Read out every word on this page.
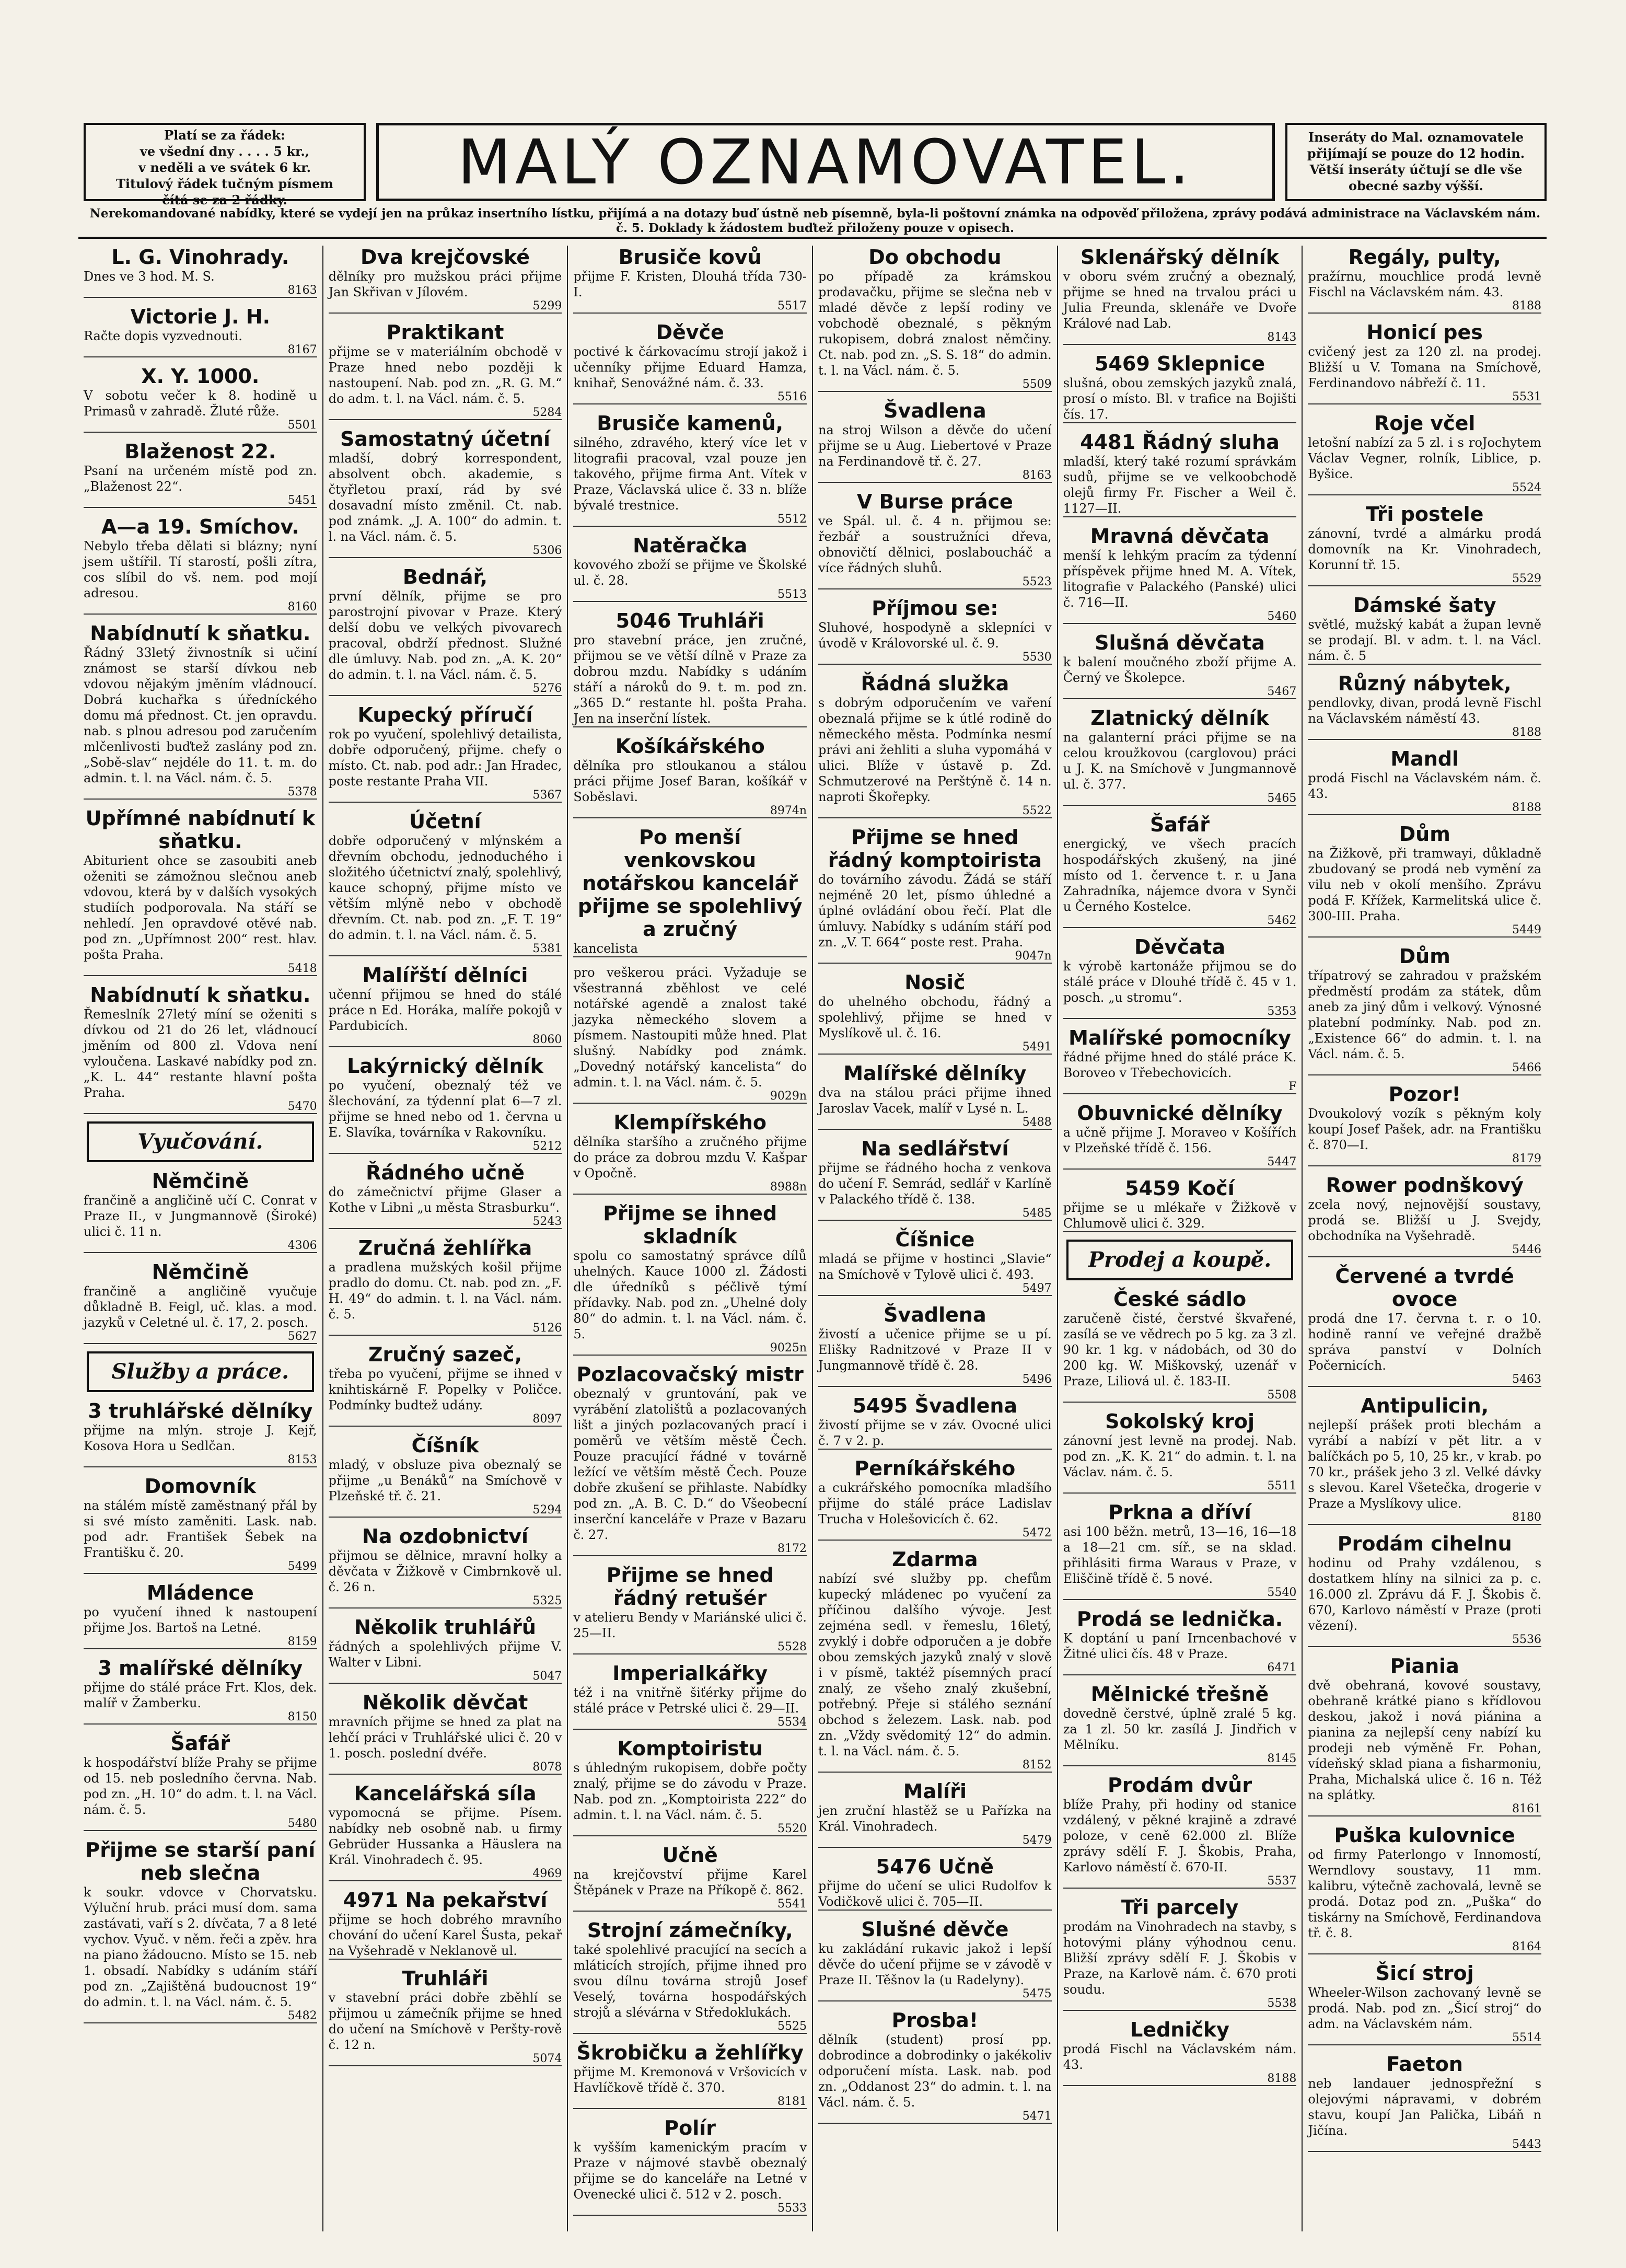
Platí se za řádek:
ve všední dny . . . . 5 kr.,
v neděli a ve svátek 6 kr.
Titulový řádek tučným písmem
čítá se za 2 řádky.
MALÝ OZNAMOVATEL.	Inseráty do Mal. oznamovatele
přijímají se pouze do 12 hodin.
Větší inseráty účtují se dle vše
obecné sazby výšší.
Nerekomandované nabídky, které se vydejí jen na průkaz insertního lístku, přijímá a na dotazy buď ústně neb písemně, byla-li poštovní známka na odpověď přiložena, zprávy podává administrace na Václavském nám. č. 5. Doklady k žádostem buďtež přiloženy pouze v opisech.
L. G. Vinohrady.

Dnes ve 3 hod. M. S.

8163
Victorie J. H.

Račte dopis vyzvednouti.

8167
X. Y. 1000.

V sobotu večer k 8. hodině u Primasů v zahradě. Žluté růže.

5501
Blaženost 22.

Psaní na určeném místě pod zn. „Blaženost 22“.

5451
A—a 19. Smíchov.

Nebylo třeba dělati si blázny; nyní jsem uštířil. Tí starostí, pošli zítra, cos slíbil do vš. nem. pod mojí adresou.

8160
Nabídnutí k sňatku.

Řádný 33letý živnostník si učiní známost se starší dívkou neb vdovou nějakým jměním vládnoucí. Dobrá kuchařka s úředníckého domu má přednost. Ct. jen opravdu. nab. s plnou adresou pod zaručením mlčenlivosti buďtež zaslány pod zn. „Sobě-slav“ nejdéle do 11. t. m. do admin. t. l. na Václ. nám. č. 5.

5378
Upřímné nabídnutí k sňatku.

Abiturient ohce se zasoubiti aneb oženiti se zámožnou slečnou aneb vdovou, která by v dalších vysokých studiích podporovala. Na stáří se nehledí. Jen opravdové otěvé nab. pod zn. „Upřímnost 200“ rest. hlav. pošta Praha.

5418
Nabídnutí k sňatku.

Řemeslník 27letý míní se oženiti s dívkou od 21 do 26 let, vládnoucí jměním od 800 zl. Vdova není vyloučena. Laskavé nabídky pod zn. „K. L. 44“ restante hlavní pošta Praha.

5470
Vyučování.
Němčině

frančině a angličině učí C. Conrat v Praze II., v Jungmannově (Široké) ulici č. 11 n.

4306
Němčině

frančině a angličině vyučuje důkladně B. Feigl, uč. klas. a mod. jazyků v Celetné ul. č. 17, 2. posch.

5627
Služby a práce.
3 truhlářské dělníky

přijme na mlýn. stroje J. Kejř, Kosova Hora u Sedlčan.

8153
Domovník

na stálém místě zaměstnaný přál by si své místo zaměniti. Lask. nab. pod adr. František Šebek na Františku č. 20.

5499
Mládence

po vyučení ihned k nastoupení přijme Jos. Bartoš na Letné.

8159
3 malířské dělníky

přijme do stálé práce Frt. Klos, dek. malíř v Žamberku.

8150
Šafář

k hospodářství blíže Prahy se přijme od 15. neb posledního června. Nab. pod zn. „H. 10“ do adm. t. l. na Václ. nám. č. 5.

5480
Přijme se starší paní neb slečna

k soukr. vdovce v Chorvatsku. Výluční hrub. práci musí dom. sama zastávati, vaří s 2. dívčata, 7 a 8 leté vychov. Vyuč. v něm. řeči a zpěv. hra na piano žádoucno. Místo se 15. neb 1. obsadí. Nabídky s udáním stáří pod zn. „Zajištěná budoucnost 19“ do admin. t. l. na Václ. nám. č. 5.

5482
Dva krejčovské

dělníky pro mužskou práci přijme Jan Skřivan v Jílovém.

5299
Praktikant

přijme se v materiálním obchodě v Praze hned nebo později k nastoupení. Nab. pod zn. „R. G. M.“ do adm. t. l. na Václ. nám. č. 5.

5284
Samostatný účetní

mladší, dobrý korrespondent, absolvent obch. akademie, s čtyřletou praxí, rád by své dosavadní místo změnil. Ct. nab. pod známk. „J. A. 100“ do admin. t. l. na Václ. nám. č. 5.

5306
Bednář,

první dělník, přijme se pro parostrojní pivovar v Praze. Který delší dobu ve velkých pivovarech pracoval, obdrží přednost. Služné dle úmluvy. Nab. pod zn. „A. K. 20“ do admin. t. l. na Václ. nám. č. 5.

5276
Kupecký příručí

rok po vyučení, spolehlivý detailista, dobře odporučený, přijme. chefy o místo. Ct. nab. pod adr.: Jan Hradec, poste restante Praha VII.

5367
Účetní

dobře odporučený v mlýnském a dřevním obchodu, jednoduchého i složitého účetnictví znalý, spolehlivý, kauce schopný, přijme místo ve větším mlýně nebo v obchodě dřevním. Ct. nab. pod zn. „F. T. 19“ do admin. t. l. na Václ. nám. č. 5.

5381
Malířští dělníci

učenní přijmou se hned do stálé práce n Ed. Horáka, malíře pokojů v Pardubicích.

8060
Lakýrnický dělník

po vyučení, obeznalý též ve šlechování, za týdenní plat 6—7 zl. přijme se hned nebo od 1. června u E. Slavíka, továrníka v Rakovníku.

5212
Řádného učně

do zámečnictví přijme Glaser a Kothe v Libni „u města Strasburku“.

5243
Zručná žehlířka

a pradlena mužských košil přijme pradlo do domu. Ct. nab. pod zn. „F. H. 49“ do admin. t. l. na Václ. nám. č. 5.

5126
Zručný sazeč,

třeba po vyučení, přijme se ihned v knihtiskárně F. Popelky v Poličce. Podmínky budtež udány.

8097
Číšník

mladý, v obsluze piva obeznalý se přijme „u Benáků“ na Smíchově v Plzeňské tř. č. 21.

5294
Na ozdobnictví

přijmou se dělnice, mravní holky a děvčata v Žižkově v Cimbrnkově ul. č. 26 n.

5325
Několik truhlářů

řádných a spolehlivých přijme V. Walter v Libni.

5047
Několik děvčat

mravních přijme se hned za plat na lehčí práci v Truhlářské ulici č. 20 v 1. posch. poslední dvéře.

8078
Kancelářská síla

vypomocná se přijme. Písem. nabídky neb osobně nab. u firmy Gebrüder Hussanka a Häuslera na Král. Vinohradech č. 95.

4969
4971 Na pekařství

přijme se hoch dobrého mravního chování do učení Karel Šusta, pekař na Vyšehradě v Neklanově ul.

Truhláři

v stavební práci dobře zběhlí se přijmou u zámečník přijme se hned do učení na Smíchově v Peršty-rově č. 12 n.

5074
Brusiče kovů

přijme F. Kristen, Dlouhá třída 730-I.

5517
Děvče

poctivé k čárkovacímu strojí jakož i učenníky přijme Eduard Hamza, knihař, Senovážné nám. č. 33.

5516
Brusiče kamenů,

silného, zdravého, který více let v litografii pracoval, vzal pouze jen takového, přijme firma Ant. Vítek v Praze, Václavská ulice č. 33 n. blíže bývalé trestnice.

5512
Natěračka

kovového zboží se přijme ve Školské ul. č. 28.

5513
5046 Truhláři

pro stavební práce, jen zručné, přijmou se ve větší dílně v Praze za dobrou mzdu. Nabídky s udáním stáří a nároků do 9. t. m. pod zn. „365 D.“ restante hl. pošta Praha. Jen na inserční lístek.

Košíkářského

dělníka pro stloukanou a stálou práci přijme Josef Baran, košíkář v Soběslavi.

8974n
Po menší venkovskou notářskou kancelář přijme se spolehlivý a zručný

kancelista

pro veškerou práci. Vyžaduje se všestranná zběhlost ve celé notářské agendě a znalost také jazyka německého slovem a písmem. Nastoupiti může hned. Plat slušný. Nabídky pod známk. „Dovedný notářský kancelista“ do admin. t. l. na Václ. nám. č. 5.

9029n
Klempířského

dělníka staršího a zručného přijme do práce za dobrou mzdu V. Kašpar v Opočně.

8988n
Přijme se ihned skladník

spolu co samostatný správce dílů uhelných. Kauce 1000 zl. Žádosti dle úředníků s péčlivě týmí přídavky. Nab. pod zn. „Uhelné doly 80“ do admin. t. l. na Václ. nám. č. 5.

9025n
Pozlacovačský mistr

obeznalý v gruntování, pak ve vyrábění zlatolištů a pozlacovaných lišt a jiných pozlacovaných prací i poměrů ve větším městě Čech. Pouze pracující řádné v továrně ležící ve větším městě Čech. Pouze dobře zkušení se přihlaste. Nabídky pod zn. „A. B. C. D.“ do Všeobecní inserční kanceláře v Praze v Bazaru č. 27.

8172
Přijme se hned řádný retušér

v atelieru Bendy v Mariánské ulici č. 25—II.

5528
Imperialkářky

též i na vnitřně šiťérky přijme do stálé práce v Petrské ulici č. 29—II.

5534
Komptoiristu

s úhledným rukopisem, dobře počty znalý, přijme se do závodu v Praze. Nab. pod zn. „Komptoirista 222“ do admin. t. l. na Václ. nám. č. 5.

5520
Učně

na krejčovství přijme Karel Štěpánek v Praze na Příkopě č. 862.

5541
Strojní zámečníky,

také spolehlivé pracující na secích a mláticích strojích, přijme ihned pro svou dílnu továrna strojů Josef Veselý, továrna hospodářských strojů a slévárna v Středoklukách.

5525
Škrobičku a žehlířky

přijme M. Kremonová v Vršovicích v Havlíčkově třídě č. 370.

8181
Polír

k vyšším kamenickým pracím v Praze v nájmové stavbě obeznalý přijme se do kanceláře na Letné v Ovenecké ulici č. 512 v 2. posch.

5533
Do obchodu

po případě za krámskou prodavačku, přijme se slečna neb v mladé děvče z lepší rodiny ve vobchodě obeznalé, s pěkným rukopisem, dobrá znalost němčiny. Ct. nab. pod zn. „S. S. 18“ do admin. t. l. na Václ. nám. č. 5.

5509
Švadlena

na stroj Wilson a děvče do učení přijme se u Aug. Liebertové v Praze na Ferdinandově tř. č. 27.

8163
V Burse práce

ve Spál. ul. č. 4 n. přijmou se: řezbář a soustružníci dřeva, obnovičtí dělnici, poslaboucháč a více řádných sluhů.

5523
Příjmou se:

Sluhové, hospodyně a sklepníci v úvodě v Královorské ul. č. 9.

5530
Řádná služka

s dobrým odporučením ve vaření obeznalá přijme se k útlé rodině do německého města. Podmínka nesmí právi ani žehliti a sluha vypomáhá v ulici. Blíže v ústavě p. Zd. Schmutzerové na Perštýně č. 14 n. naproti Škořepky.

5522
Přijme se hned řádný komptoirista

do továrního závodu. Žádá se stáří nejméně 20 let, písmo úhledné a úplné ovládání obou řečí. Plat dle úmluvy. Nabídky s udáním stáří pod zn. „V. T. 664“ poste rest. Praha.

9047n
Nosič

do uhelného obchodu, řádný a spolehlivý, přijme se hned v Myslíkově ul. č. 16.

5491
Malířské dělníky

dva na stálou práci přijme ihned Jaroslav Vacek, malíř v Lysé n. L.

5488
Na sedlářství

přijme se řádného hocha z venkova do učení F. Semrád, sedlář v Karlíně v Palackého třídě č. 138.

5485
Číšnice

mladá se přijme v hostinci „Slavie“ na Smíchově v Tylově ulici č. 493.

5497
Švadlena

živostí a učenice přijme se u pí. Elišky Radnitzové v Praze II v Jungmannově třídě č. 28.

5496
5495 Švadlena

živostí přijme se v záv. Ovocné ulici č. 7 v 2. p.

Perníkářského

a cukrářského pomocníka mladšího přijme do stálé práce Ladislav Trucha v Holešovicích č. 62.

5472
Zdarma

nabízí své služby pp. chefům kupecký mládenec po vyučení za příčinou dalšího vývoje. Jest zejména sedl. v řemeslu, 16letý, zvyklý i dobře odporučen a je dobře obou zemských jazyků znalý v slově i v písmě, taktéž písemných prací znalý, ze všeho znalý zkušební, potřebný. Přeje si stálého seznání obchod s železem. Lask. nab. pod zn. „Vždy svědomitý 12“ do admin. t. l. na Václ. nám. č. 5.

8152
Malíři

jen zruční hlastěž se u Pařízka na Král. Vinohradech.

5479
5476 Učně

přijme do učení se ulici Rudolfov k Vodičkově ulici č. 705—II.

Slušné děvče

ku zakládání rukavic jakož i lepší děvče do učení přijme se v závodě v Praze II. Těšnov la (u Radelyny).

5475
Prosba!

dělník (student) prosí pp. dobrodince a dobrodinky o jakékoliv odporučení místa. Lask. nab. pod zn. „Oddanost 23“ do admin. t. l. na Václ. nám. č. 5.

5471
Sklenářský dělník

v oboru svém zručný a obeznalý, přijme se hned na trvalou práci u Julia Freunda, sklenáře ve Dvoře Králové nad Lab.

8143
5469 Sklepnice

slušná, obou zemských jazyků znalá, prosí o místo. Bl. v trafice na Bojišti čís. 17.

4481 Řádný sluha

mladší, který také rozumí správkám sudů, přijme se ve velkoobchodě olejů firmy Fr. Fischer a Weil č. 1127—II.

Mravná děvčata

menší k lehkým pracím za týdenní příspěvek přijme hned M. A. Vítek, litografie v Palackého (Panské) ulici č. 716—II.

5460
Slušná děvčata

k balení moučného zboží přijme A. Černý ve Školepce.

5467
Zlatnický dělník

na galanterní práci přijme se na celou kroužkovou (carglovou) práci u J. K. na Smíchově v Jungmannově ul. č. 377.

5465
Šafář

energický, ve všech pracích hospodářských zkušený, na jiné místo od 1. července t. r. u Jana Zahradníka, nájemce dvora v Synči u Černého Kostelce.

5462
Děvčata

k výrobě kartonáže přijmou se do stálé práce v Dlouhé třídě č. 45 v 1. posch. „u stromu“.

5353
Malířské pomocníky

řádné přijme hned do stálé práce K. Boroveo v Třebechovicích.

F
Obuvnické dělníky

a učně přijme J. Moraveo v Košířích v Plzeňské třídě č. 156.

5447
5459 Kočí

přijme se u mlékaře v Žižkově v Chlumově ulici č. 329.

Prodej a koupě.
České sádlo

zaručeně čisté, čerstvé škvařené, zasílá se ve vědrech po 5 kg. za 3 zl. 90 kr. 1 kg. v nádobách, od 30 do 200 kg. W. Miškovský, uzenář v Praze, Liliová ul. č. 183-II.

5508
Sokolský kroj

zánovní jest levně na prodej. Nab. pod zn. „K. K. 21“ do admin. t. l. na Václav. nám. č. 5.

5511
Prkna a dříví

asi 100 běžn. metrů, 13—16, 16—18 a 18—21 cm. síř., se na sklad. přihlásiti firma Waraus v Praze, v Eliščině třídě č. 5 nové.

5540
Prodá se lednička.

K doptání u paní Irncenbachové v Žitné ulici čís. 48 v Praze.

6471
Mělnické třešně

dovedně čerstvé, úplně zralé 5 kg. za 1 zl. 50 kr. zasílá J. Jindřich v Mělníku.

8145
Prodám dvůr

blíže Prahy, při hodiny od stanice vzdálený, v pěkné krajině a zdravé poloze, v ceně 62.000 zl. Blíže zprávy sdělí F. J. Škobis, Praha, Karlovo náměstí č. 670-II.

5537
Tři parcely

prodám na Vinohradech na stavby, s hotovými plány výhodnou cenu. Bližší zprávy sdělí F. J. Škobis v Praze, na Karlově nám. č. 670 proti soudu.

5538
Ledničky

prodá Fischl na Václavském nám. 43.

8188
Regály, pulty,

pražírnu, mouchlice prodá levně Fischl na Václavském nám. 43.

8188
Honicí pes

cvičený jest za 120 zl. na prodej. Bližší u V. Tomana na Smíchově, Ferdinandovo nábřeží č. 11.

5531
Roje včel

letošní nabízí za 5 zl. i s roJochytem Václav Vegner, rolník, Liblice, p. Byšice.

5524
Tři postele

zánovní, tvrdé a almárku prodá domovník na Kr. Vinohradech, Korunní tř. 15.

5529
Dámské šaty

světlé, mužský kabát a župan levně se prodají. Bl. v adm. t. l. na Václ. nám. č. 5

Různý nábytek,

pendlovky, divan, prodá levně Fischl na Václavském náměstí 43.

8188
Mandl

prodá Fischl na Václavském nám. č. 43.

8188
Dům

na Žižkově, při tramwayi, důkladně zbudovaný se prodá neb vymění za vilu neb v okolí menšího. Zprávu podá F. Křížek, Karmelitská ulice č. 300-III. Praha.

5449
Dům

třípatrový se zahradou v pražském předměstí prodám za státek, dům aneb za jiný dům i velkový. Výnosné platební podmínky. Nab. pod zn. „Existence 66“ do admin. t. l. na Václ. nám. č. 5.

5466
Pozor!

Dvoukolový vozík s pěkným koly koupí Josef Pašek, adr. na Františku č. 870—I.

8179
Rower podnškový

zcela nový, nejnovější soustavy, prodá se. Bližší u J. Svejdy, obchodníka na Vyšehradě.

5446
Červené a tvrdé ovoce

prodá dne 17. června t. r. o 10. hodině ranní ve veřejné dražbě správa panství v Dolních Počernicích.

5463
Antipulicin,

nejlepší prášek proti blechám a vyrábí a nabízí v pět litr. a v balíčkách po 5, 10, 25 kr., v krab. po 70 kr., prášek jeho 3 zl. Velké dávky s slevou. Karel Všetečka, drogerie v Praze a Myslíkovy ulice.

8180
Prodám cihelnu

hodinu od Prahy vzdálenou, s dostatkem hlíny na silnici za p. c. 16.000 zl. Zprávu dá F. J. Škobis č. 670, Karlovo náměstí v Praze (proti vězení).

5536
Piania

dvě obehraná, kovové soustavy, obehraně krátké piano s křídlovou deskou, jakož i nová piánina a pianina za nejlepší ceny nabízí ku prodeji neb výměně Fr. Pohan, vídeňský sklad piana a fisharmoniu, Praha, Michalská ulice č. 16 n. Též na splátky.

8161
Puška kulovnice

od firmy Paterlongo v Innomostí, Werndlovy soustavy, 11 mm. kalibru, výtečně zachovalá, levně se prodá. Dotaz pod zn. „Puška“ do tiskárny na Smíchově, Ferdinandova tř. č. 8.

8164
Šicí stroj

Wheeler-Wilson zachovaný levně se prodá. Nab. pod zn. „Šicí stroj“ do adm. na Václavském nám.

5514
Faeton

neb landauer jednospřežní s olejovými nápravami, v dobrém stavu, koupí Jan Palička, Libáň n Jičína.

5443
